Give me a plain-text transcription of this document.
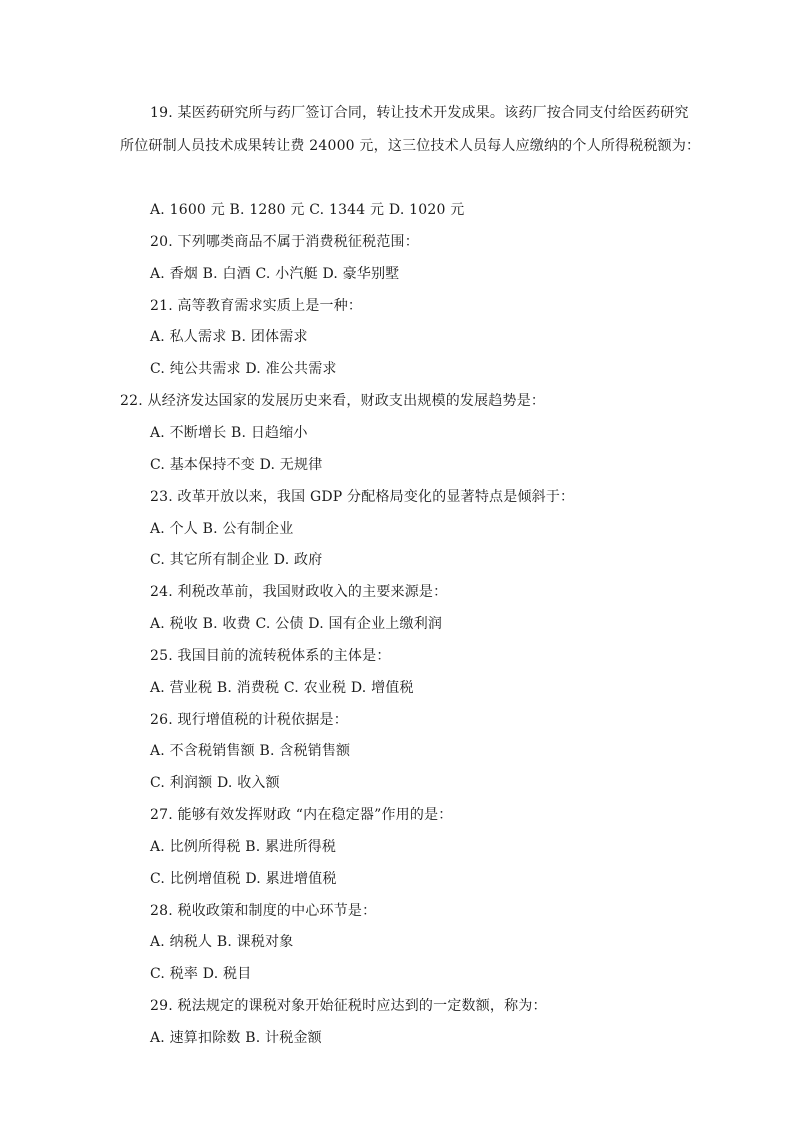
19. 某医药研究所与药厂签订合同，转让技术开发成果。该药厂按合同支付给医药研究
所位研制人员技术成果转让费 24000 元，这三位技术人员每人应缴纳的个人所得税税额为：
A. 1600 元 B. 1280 元 C. 1344 元 D. 1020 元
20. 下列哪类商品不属于消费税征税范围：
A. 香烟 B. 白酒 C. 小汽艇 D. 豪华别墅
21. 高等教育需求实质上是一种：
A. 私人需求 B. 团体需求
C. 纯公共需求 D. 准公共需求
22. 从经济发达国家的发展历史来看，财政支出规模的发展趋势是：
A. 不断增长 B. 日趋缩小
C. 基本保持不变 D. 无规律
23. 改革开放以来，我国 GDP 分配格局变化的显著特点是倾斜于：
A. 个人 B. 公有制企业
C. 其它所有制企业 D. 政府
24. 利税改革前，我国财政收入的主要来源是：
A. 税收 B. 收费 C. 公债 D. 国有企业上缴利润
25. 我国目前的流转税体系的主体是：
A. 营业税 B. 消费税 C. 农业税 D. 增值税
26. 现行增值税的计税依据是：
A. 不含税销售额 B. 含税销售额
C. 利润额 D. 收入额
27. 能够有效发挥财政 “内在稳定器”作用的是：
A. 比例所得税 B. 累进所得税
C. 比例增值税 D. 累进增值税
28. 税收政策和制度的中心环节是：
A. 纳税人 B. 课税对象
C. 税率 D. 税目
29. 税法规定的课税对象开始征税时应达到的一定数额，称为：
A. 速算扣除数 B. 计税金额
